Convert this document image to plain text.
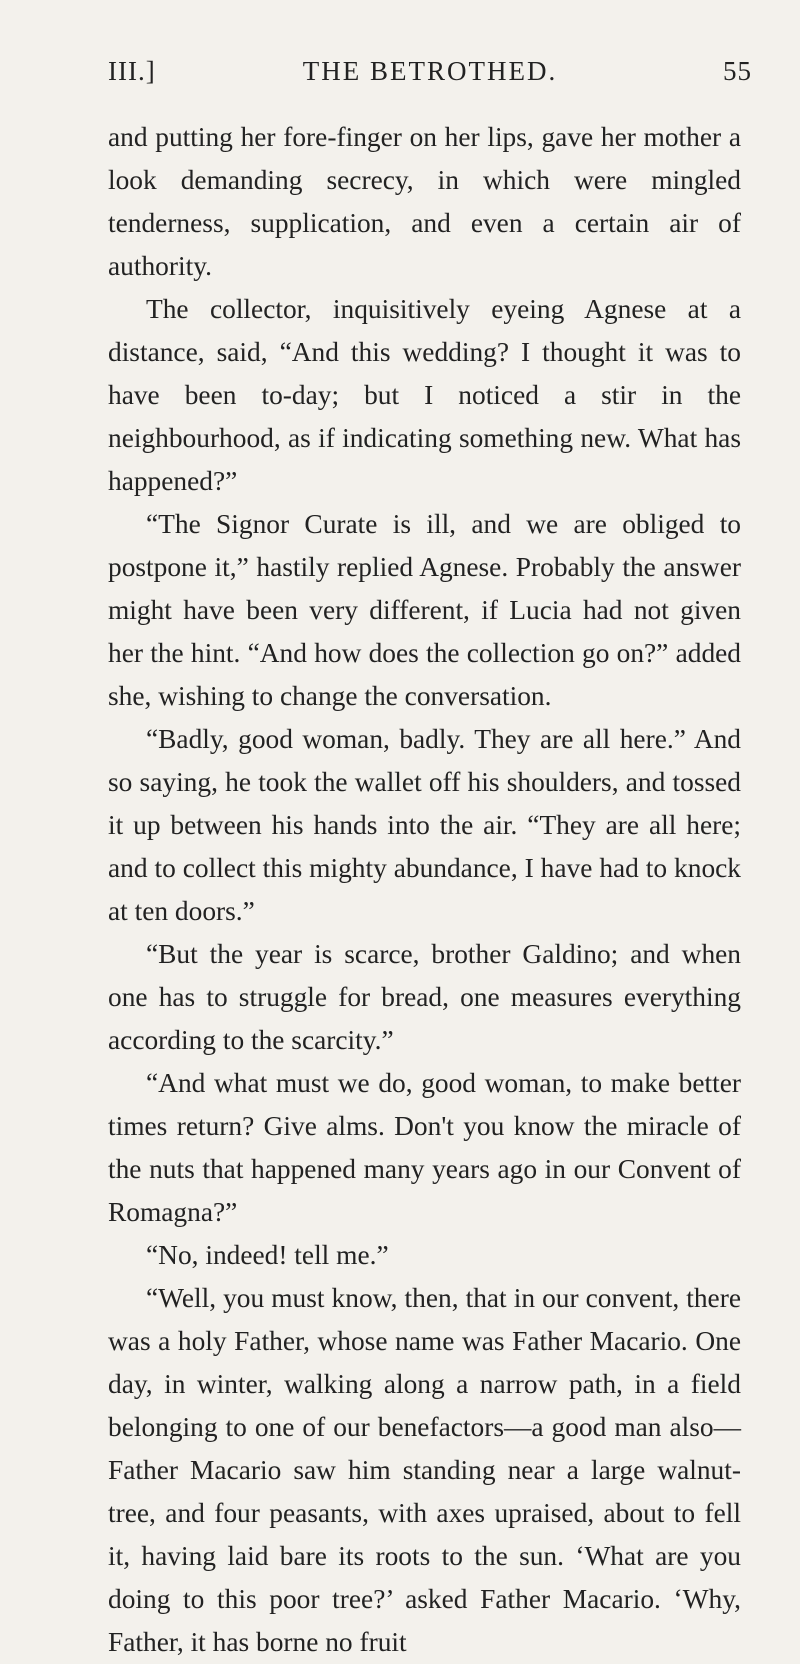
III.]	THE BETROTHED.	55

and putting her fore-finger on her lips, gave her mother a look demanding secrecy, in which were mingled tenderness, supplication, and even a certain air of authority.

The collector, inquisitively eyeing Agnese at a distance, said, “And this wedding? I thought it was to have been to-day; but I noticed a stir in the neighbourhood, as if indicating something new. What has happened?”

“The Signor Curate is ill, and we are obliged to postpone it,” hastily replied Agnese. Probably the answer might have been very different, if Lucia had not given her the hint. “And how does the collection go on?” added she, wishing to change the conversation.

“Badly, good woman, badly. They are all here.” And so saying, he took the wallet off his shoulders, and tossed it up between his hands into the air. “They are all here; and to collect this mighty abundance, I have had to knock at ten doors.”

“But the year is scarce, brother Galdino; and when one has to struggle for bread, one measures everything according to the scarcity.”

“And what must we do, good woman, to make better times return? Give alms. Don't you know the miracle of the nuts that happened many years ago in our Convent of Romagna?”

“No, indeed! tell me.”

“Well, you must know, then, that in our convent, there was a holy Father, whose name was Father Macario. One day, in winter, walking along a narrow path, in a field belonging to one of our benefactors—a good man also—Father Macario saw him standing near a large walnut-tree, and four peasants, with axes upraised, about to fell it, having laid bare its roots to the sun. ‘What are you doing to this poor tree?’ asked Father Macario. ‘Why, Father, it has borne no fruit
